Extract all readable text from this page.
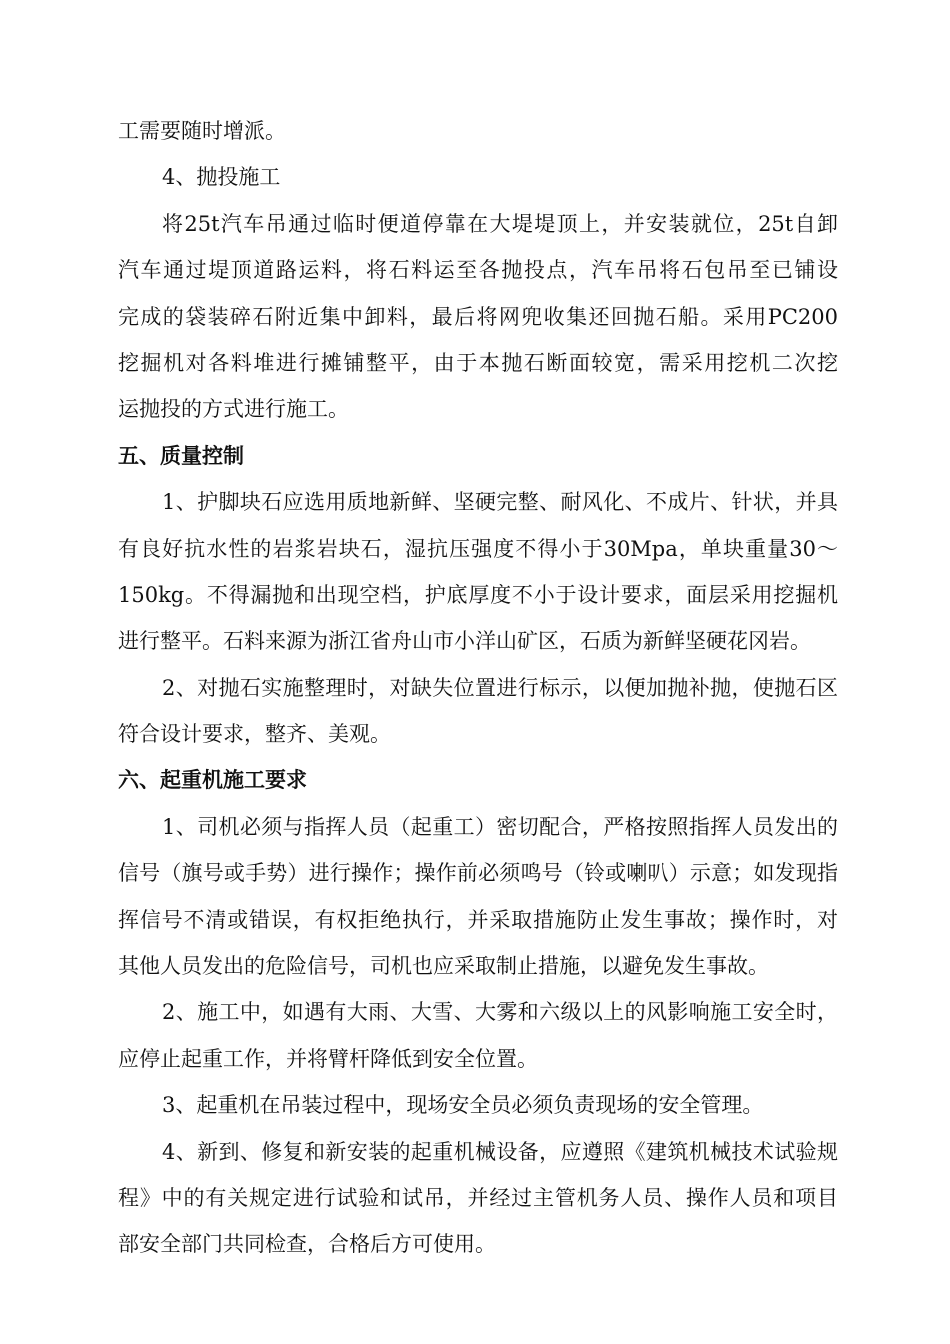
工需要随时增派。
4、抛投施工
将25t汽车吊通过临时便道停靠在大堤堤顶上，并安装就位，25t自卸
汽车通过堤顶道路运料，将石料运至各抛投点，汽车吊将石包吊至已铺设
完成的袋装碎石附近集中卸料，最后将网兜收集还回抛石船。采用PC200
挖掘机对各料堆进行摊铺整平，由于本抛石断面较宽，需采用挖机二次挖
运抛投的方式进行施工。
五、质量控制
1、护脚块石应选用质地新鲜、坚硬完整、耐风化、不成片、针状，并具
有良好抗水性的岩浆岩块石，湿抗压强度不得小于30Mpa，单块重量30～
150kg。不得漏抛和出现空档，护底厚度不小于设计要求，面层采用挖掘机
进行整平。石料来源为浙江省舟山市小洋山矿区，石质为新鲜坚硬花冈岩。
2、对抛石实施整理时，对缺失位置进行标示，以便加抛补抛，使抛石区
符合设计要求，整齐、美观。
六、起重机施工要求
1、司机必须与指挥人员（起重工）密切配合，严格按照指挥人员发出的
信号（旗号或手势）进行操作；操作前必须鸣号（铃或喇叭）示意；如发现指
挥信号不清或错误，有权拒绝执行，并采取措施防止发生事故；操作时，对
其他人员发出的危险信号，司机也应采取制止措施，以避免发生事故。
2、施工中，如遇有大雨、大雪、大雾和六级以上的风影响施工安全时，
应停止起重工作，并将臂杆降低到安全位置。
3、起重机在吊装过程中，现场安全员必须负责现场的安全管理。
4、新到、修复和新安装的起重机械设备，应遵照《建筑机械技术试验规
程》中的有关规定进行试验和试吊，并经过主管机务人员、操作人员和项目
部安全部门共同检查，合格后方可使用。
